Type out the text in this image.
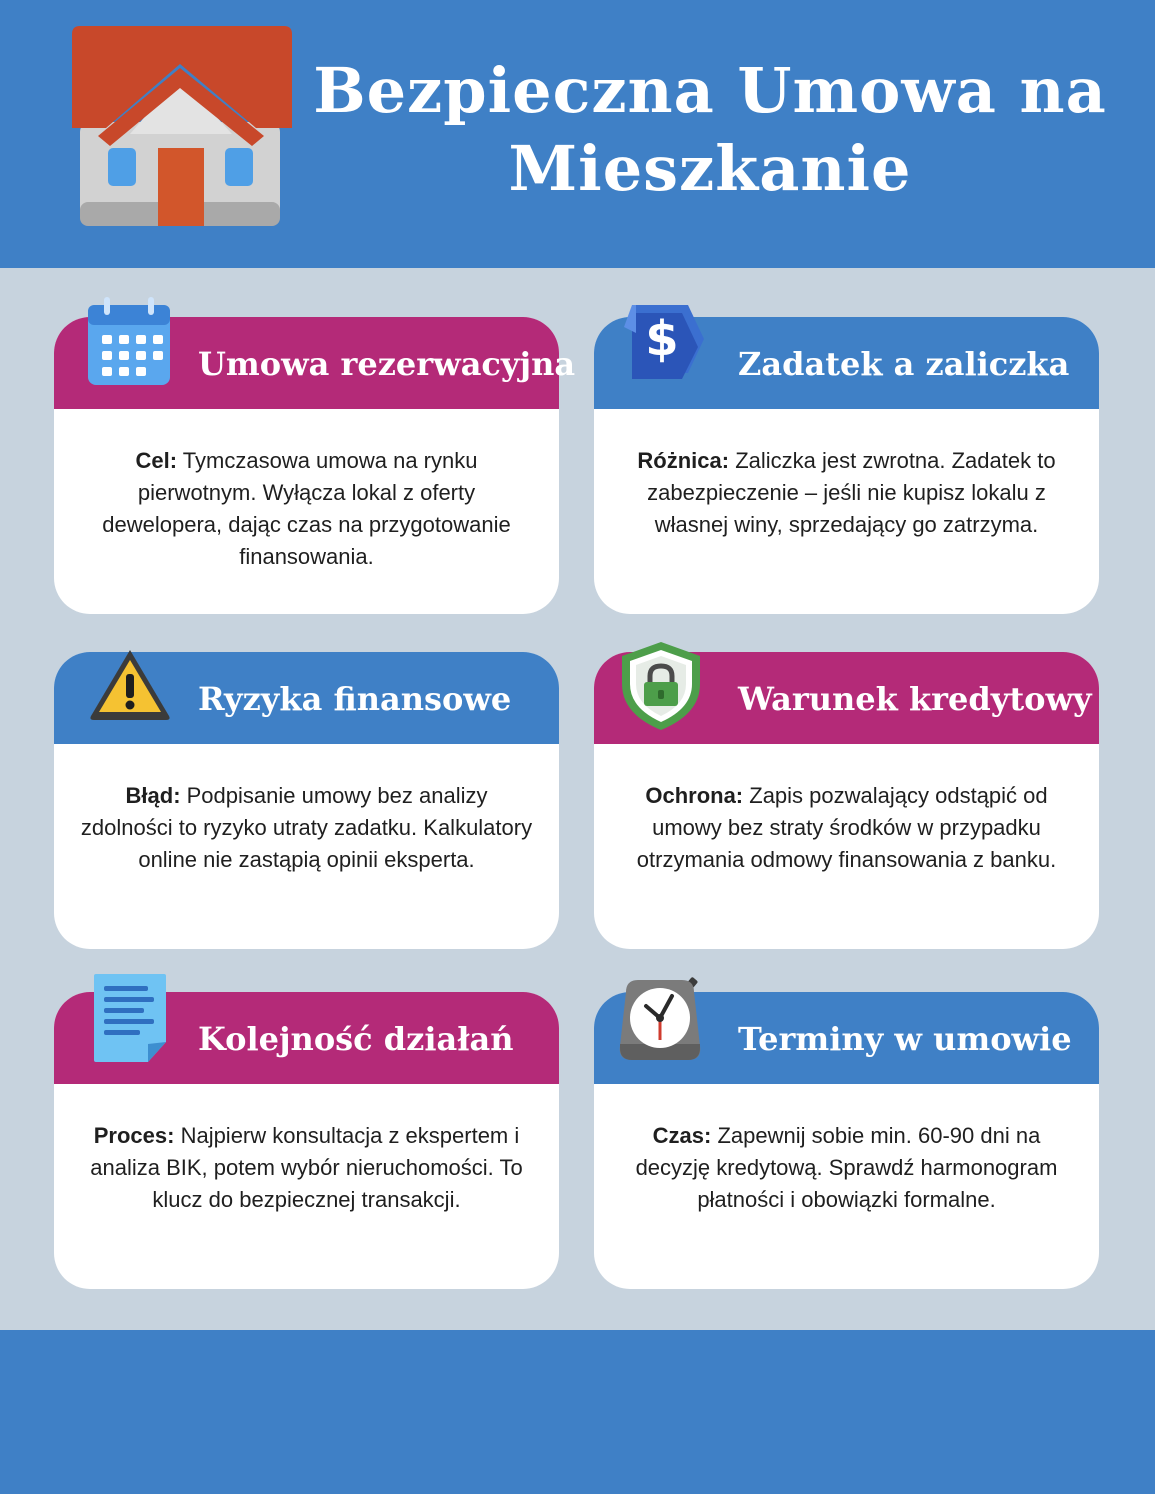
Bezpieczna Umowa na
Mieszkanie
Umowa rezerwacyjna
Cel: Tymczasowa umowa na rynku pierwotnym. Wyłącza lokal z oferty dewelopera, dając czas na przygotowanie finansowania.
$ Zadatek a zaliczka
Różnica: Zaliczka jest zwrotna. Zadatek to zabezpieczenie – jeśli nie kupisz lokalu z własnej winy, sprzedający go zatrzyma.
Ryzyka finansowe
Błąd: Podpisanie umowy bez analizy zdolności to ryzyko utraty zadatku. Kalkulatory online nie zastąpią opinii eksperta.
Warunek kredytowy
Ochrona: Zapis pozwalający odstąpić od umowy bez straty środków w przypadku otrzymania odmowy finansowania z banku.
Kolejność działań
Proces: Najpierw konsultacja z ekspertem i analiza BIK, potem wybór nieruchomości. To klucz do bezpiecznej transakcji.
Terminy w umowie
Czas: Zapewnij sobie min. 60-90 dni na decyzję kredytową. Sprawdź harmonogram płatności i obowiązki formalne.
